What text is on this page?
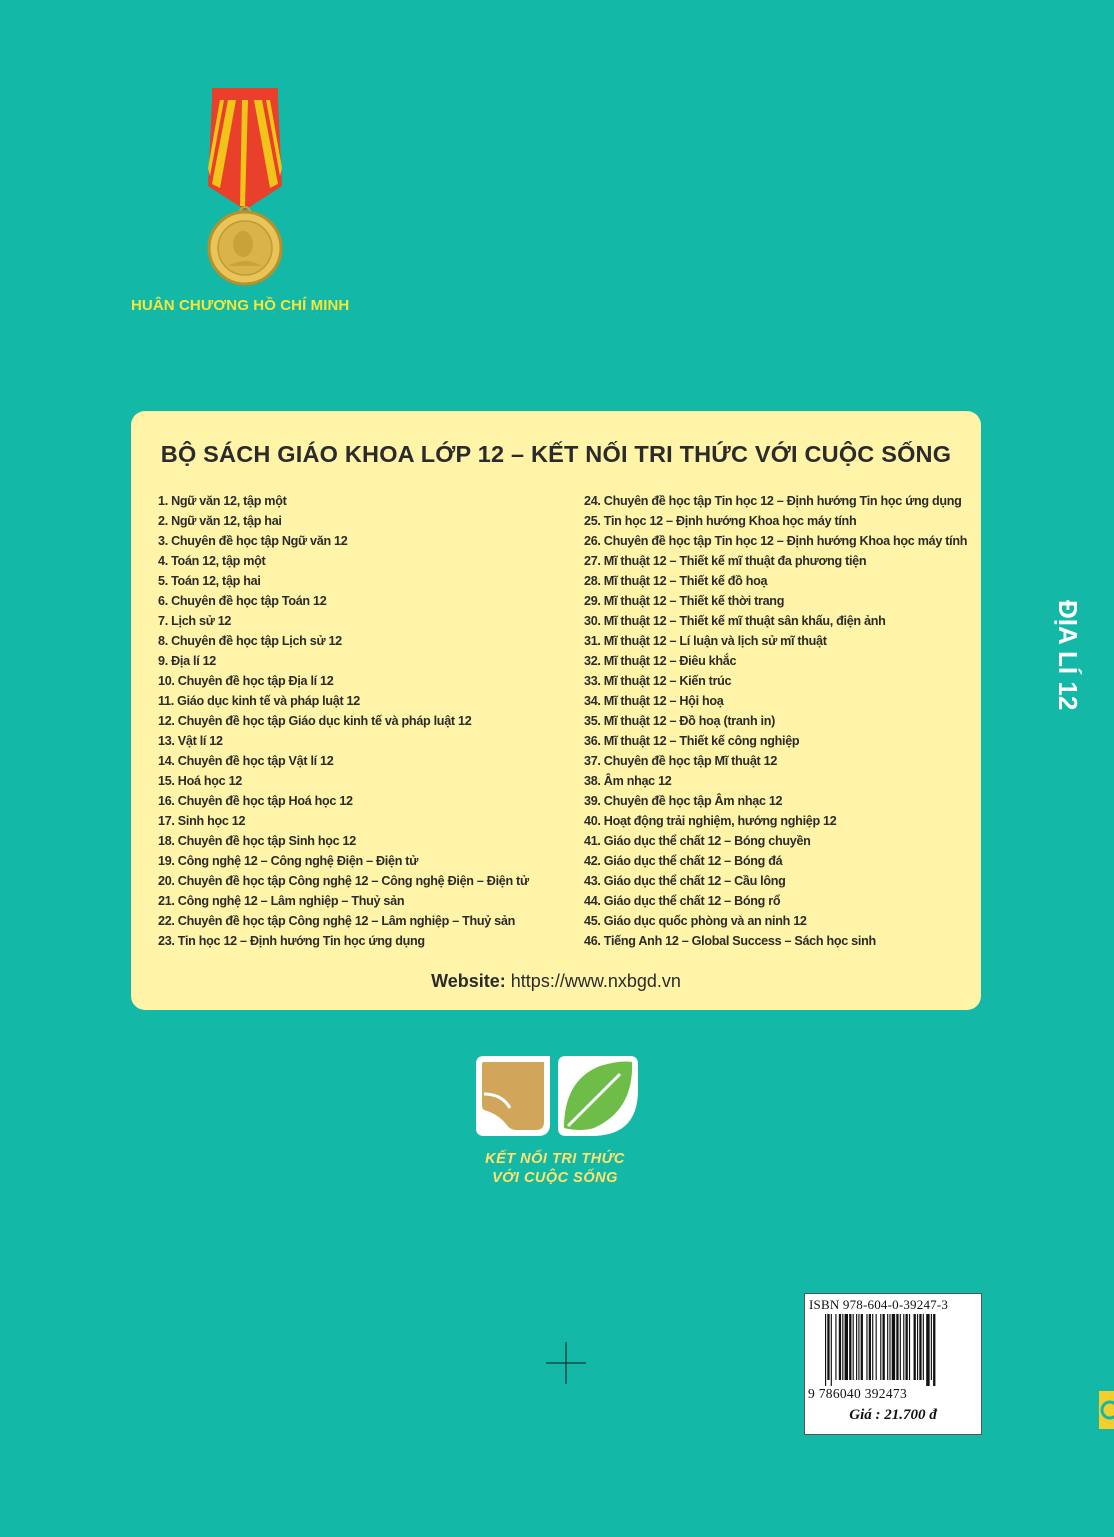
HUÂN CHƯƠNG HỒ CHÍ MINH
ĐỊA LÍ 12
BỘ SÁCH GIÁO KHOA LỚP 12 – KẾT NỐI TRI THỨC VỚI CUỘC SỐNG
1. Ngữ văn 12, tập một
2. Ngữ văn 12, tập hai
3. Chuyên đề học tập Ngữ văn 12
4. Toán 12, tập một
5. Toán 12, tập hai
6. Chuyên đề học tập Toán 12
7. Lịch sử 12
8. Chuyên đề học tập Lịch sử 12
9. Địa lí 12
10. Chuyên đề học tập Địa lí 12
11. Giáo dục kinh tế và pháp luật 12
12. Chuyên đề học tập Giáo dục kinh tế và pháp luật 12
13. Vật lí 12
14. Chuyên đề học tập Vật lí 12
15. Hoá học 12
16. Chuyên đề học tập Hoá học 12
17. Sinh học 12
18. Chuyên đề học tập Sinh học 12
19. Công nghệ 12 – Công nghệ Điện – Điện tử
20. Chuyên đề học tập Công nghệ 12 – Công nghệ Điện – Điện tử
21. Công nghệ 12 – Lâm nghiệp – Thuỷ sản
22. Chuyên đề học tập Công nghệ 12 – Lâm nghiệp – Thuỷ sản
23. Tin học 12 – Định hướng Tin học ứng dụng
24. Chuyên đề học tập Tin học 12 – Định hướng Tin học ứng dụng
25. Tin học 12 – Định hướng Khoa học máy tính
26. Chuyên đề học tập Tin học 12 – Định hướng Khoa học máy tính
27. Mĩ thuật 12 – Thiết kế mĩ thuật đa phương tiện
28. Mĩ thuật 12 – Thiết kế đồ hoạ
29. Mĩ thuật 12 – Thiết kế thời trang
30. Mĩ thuật 12 – Thiết kế mĩ thuật sân khấu, điện ảnh
31. Mĩ thuật 12 – Lí luận và lịch sử mĩ thuật
32. Mĩ thuật 12 – Điêu khắc
33. Mĩ thuật 12 – Kiến trúc
34. Mĩ thuật 12 – Hội hoạ
35. Mĩ thuật 12 – Đồ hoạ (tranh in)
36. Mĩ thuật 12 – Thiết kế công nghiệp
37. Chuyên đề học tập Mĩ thuật 12
38. Âm nhạc 12
39. Chuyên đề học tập Âm nhạc 12
40. Hoạt động trải nghiệm, hướng nghiệp 12
41. Giáo dục thể chất 12 – Bóng chuyền
42. Giáo dục thể chất 12 – Bóng đá
43. Giáo dục thể chất 12 – Cầu lông
44. Giáo dục thể chất 12 – Bóng rổ
45. Giáo dục quốc phòng và an ninh 12
46. Tiếng Anh 12 – Global Success – Sách học sinh
Website: https://www.nxbgd.vn
KẾT NỐI TRI THỨC
VỚI CUỘC SỐNG
ISBN 978-604-0-39247-3
9 786040 392473
Giá : 21.700 đ
